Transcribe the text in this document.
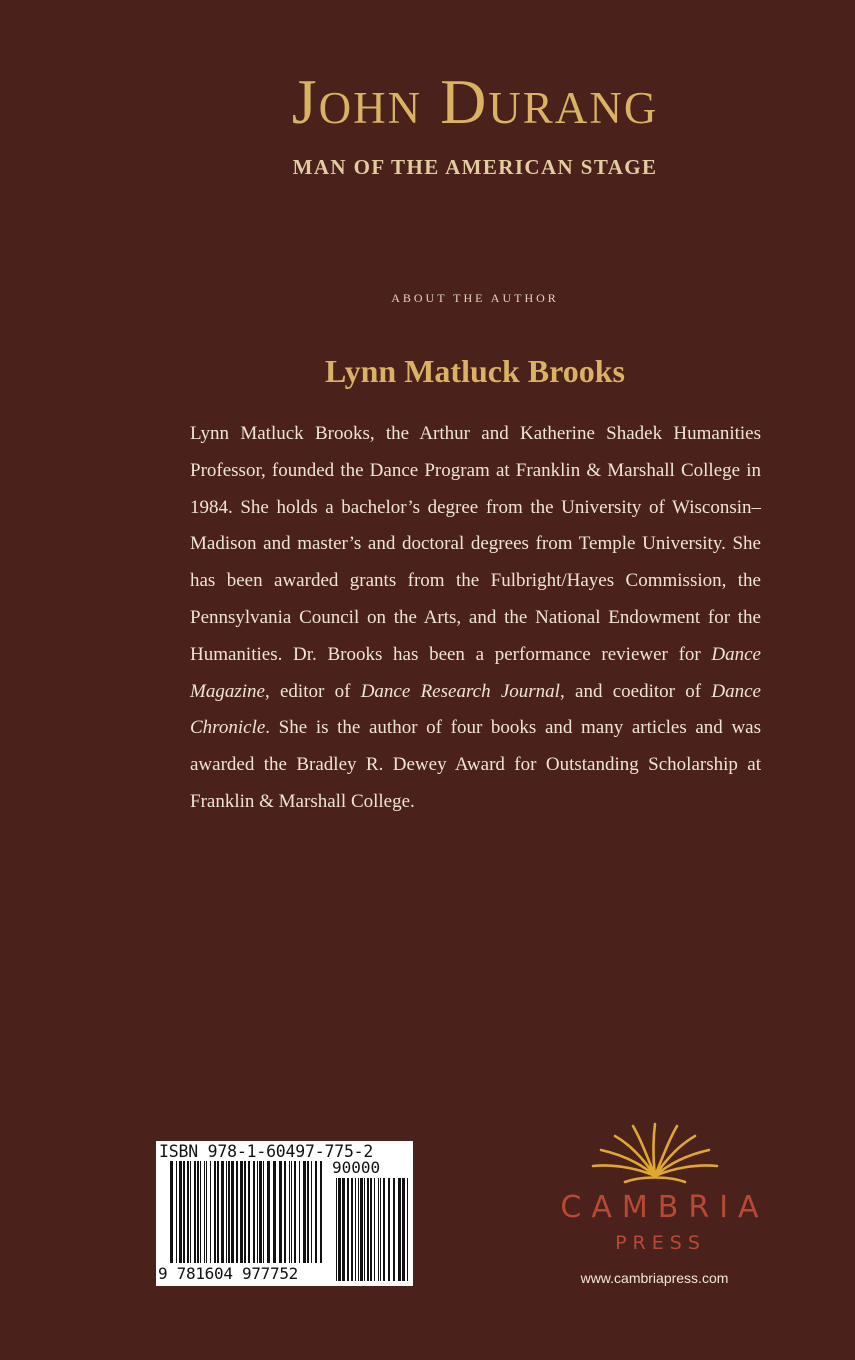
John Durang
MAN OF THE AMERICAN STAGE
ABOUT THE AUTHOR
Lynn Matluck Brooks

Lynn Matluck Brooks, the Arthur and Katherine Shadek Humanities Professor, founded the Dance Program at Franklin & Marshall College in 1984. She holds a bachelor’s degree from the University of Wisconsin–Madison and master’s and doctoral degrees from Temple University. She has been awarded grants from the Fulbright/Hayes Commission, the Pennsylvania Council on the Arts, and the National Endowment for the Humanities. Dr. Brooks has been a performance reviewer for Dance Magazine, editor of Dance Research Journal, and coeditor of Dance Chronicle. She is the author of four books and many articles and was awarded the Bradley R. Dewey Award for Outstanding Scholarship at Franklin & Marshall College.

ISBN 978-1-60497-775-2
90000
9 781604 977752
CAMBRIA
PRESS
www.cambriapress.com
